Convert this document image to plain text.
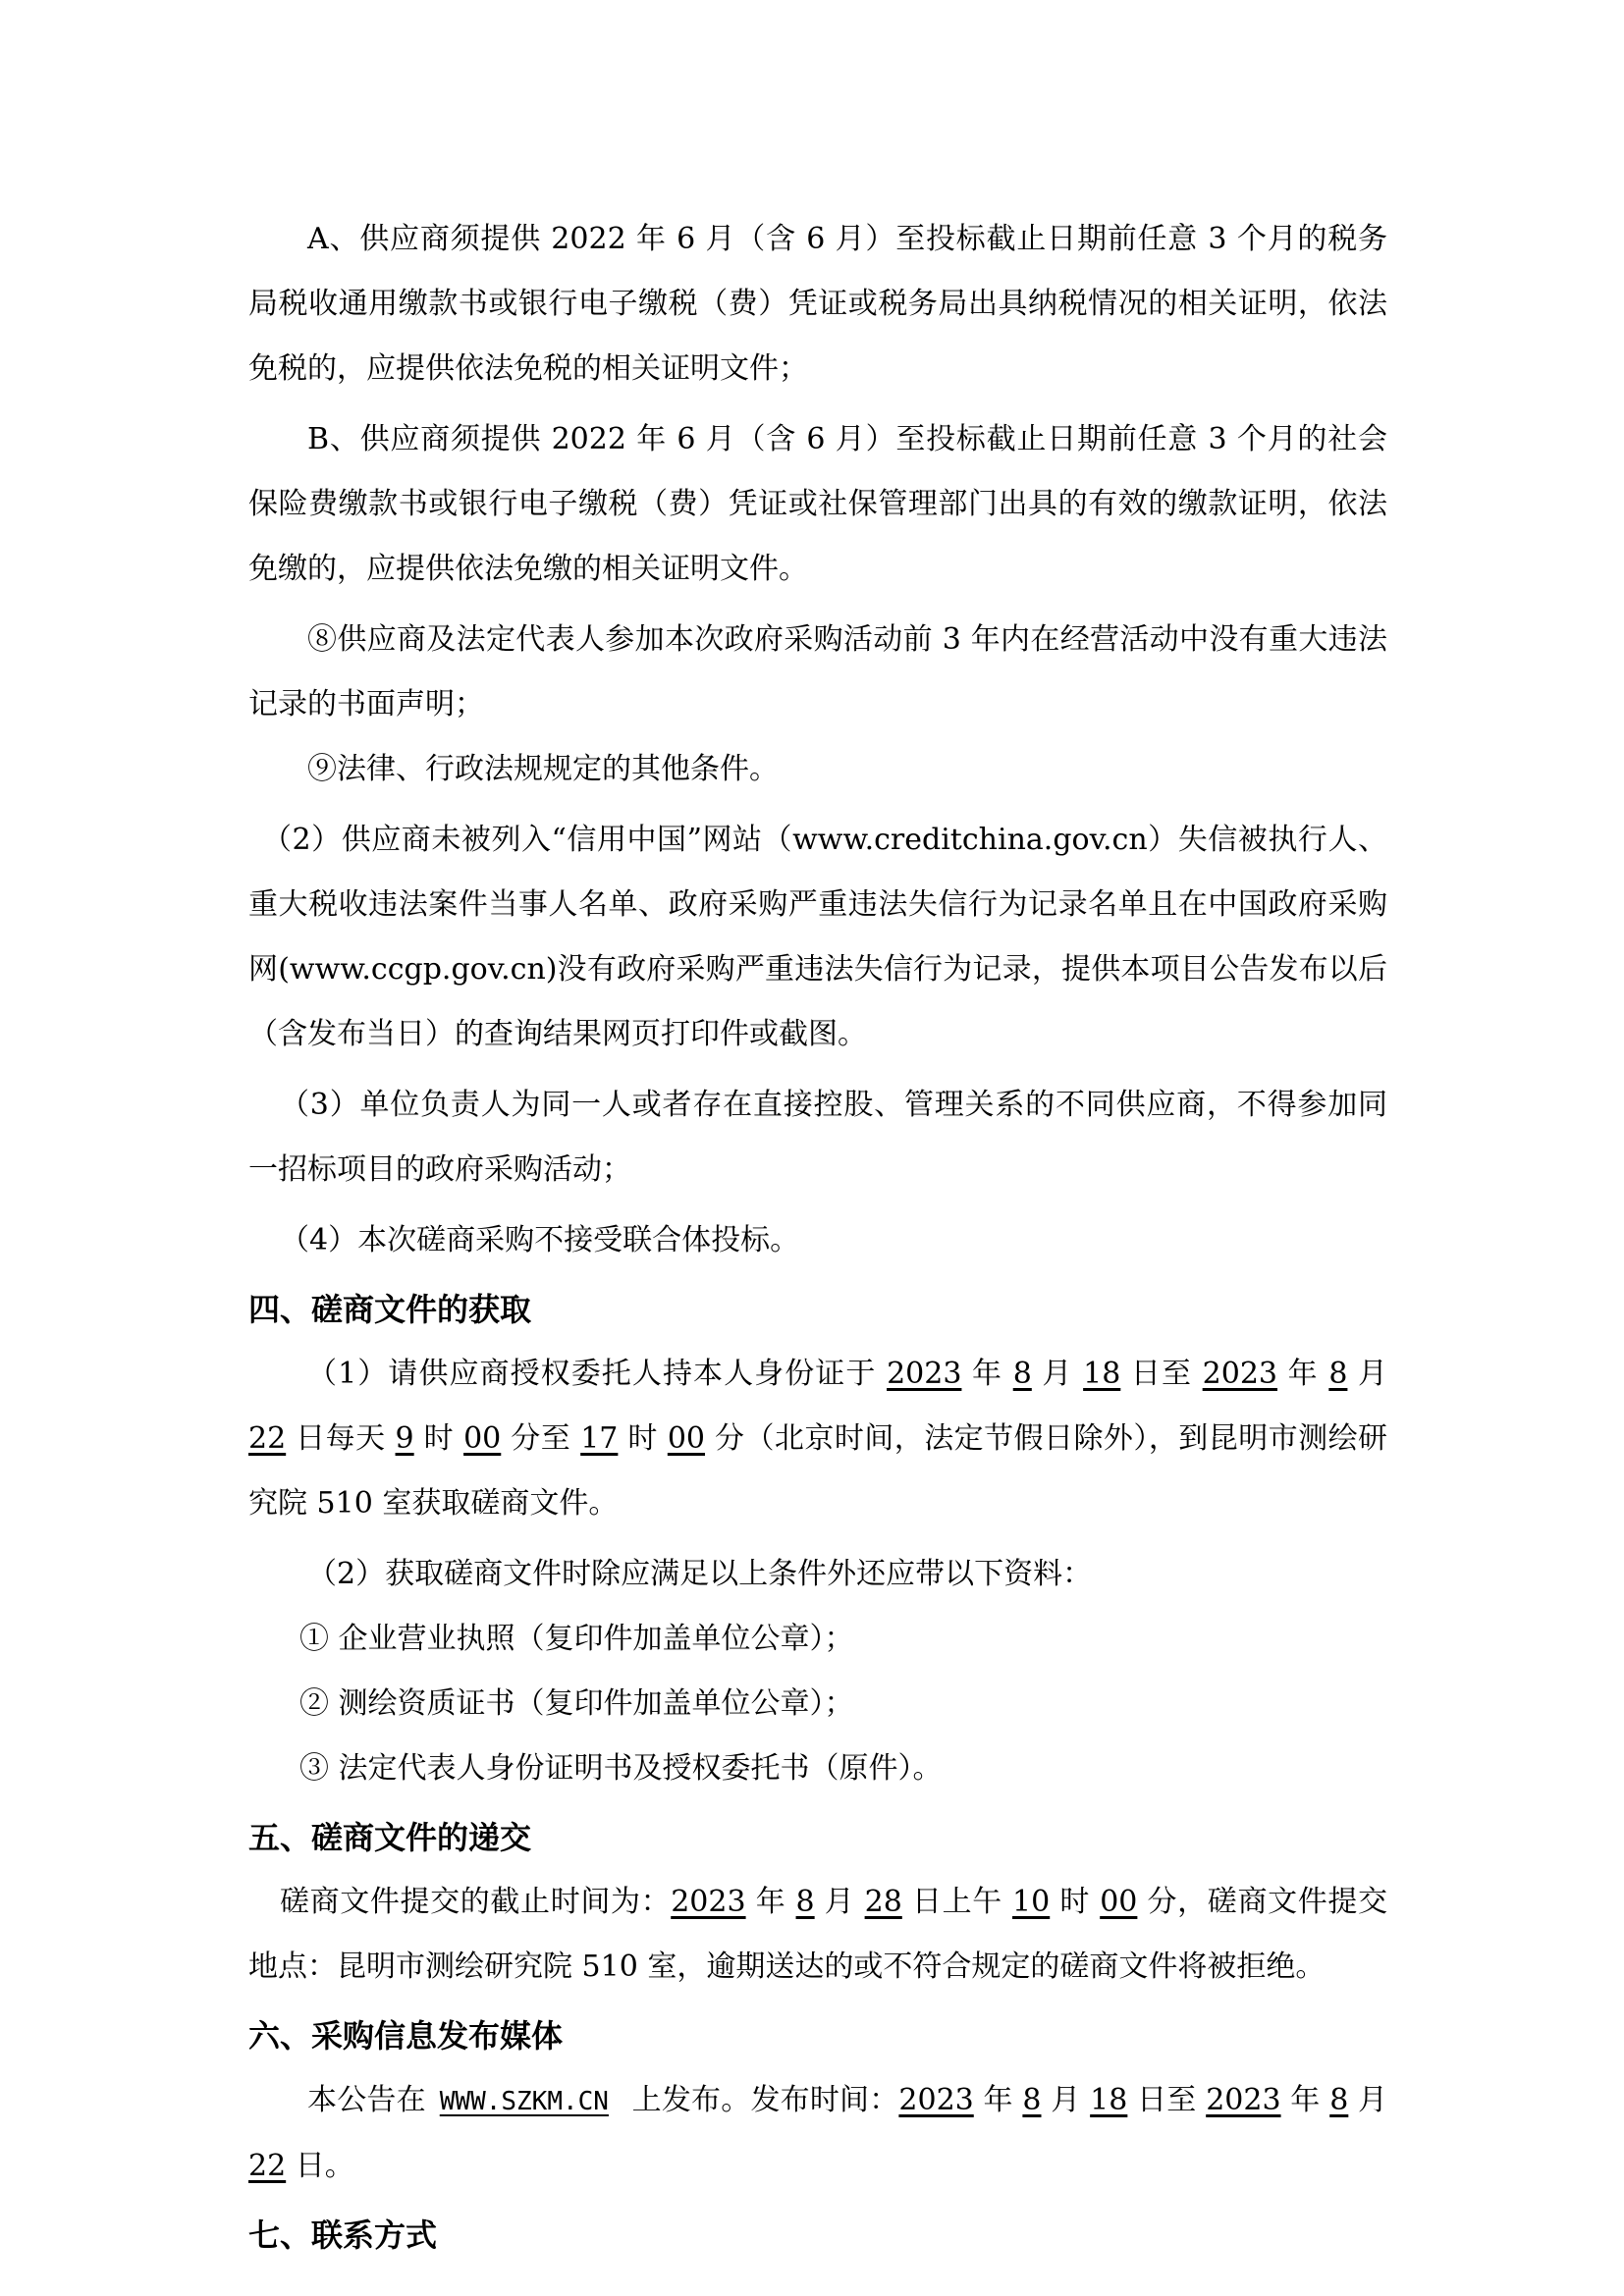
A、供应商须提供 2022 年 6 月（含 6 月）至投标截止日期前任意 3 个月的税务局税收通用缴款书或银行电子缴税（费）凭证或税务局出具纳税情况的相关证明，依法免税的，应提供依法免税的相关证明文件；

B、供应商须提供 2022 年 6 月（含 6 月）至投标截止日期前任意 3 个月的社会保险费缴款书或银行电子缴税（费）凭证或社保管理部门出具的有效的缴款证明，依法免缴的，应提供依法免缴的相关证明文件。

⑧供应商及法定代表人参加本次政府采购活动前 3 年内在经营活动中没有重大违法记录的书面声明；

⑨法律、行政法规规定的其他条件。

（2）供应商未被列入“信用中国”网站（www.creditchina.gov.cn）失信被执行人、重大税收违法案件当事人名单、政府采购严重违法失信行为记录名单且在中国政府采购网(www.ccgp.gov.cn)没有政府采购严重违法失信行为记录，提供本项目公告发布以后（含发布当日）的查询结果网页打印件或截图。

（3）单位负责人为同一人或者存在直接控股、管理关系的不同供应商，不得参加同一招标项目的政府采购活动；

（4）本次磋商采购不接受联合体投标。

四、磋商文件的获取

（1）请供应商授权委托人持本人身份证于 2023 年 8 月 18 日至 2023 年 8 月 22 日每天 9 时 00 分至 17 时 00 分（北京时间，法定节假日除外），到昆明市测绘研究院 510 室获取磋商文件。

（2）获取磋商文件时除应满足以上条件外还应带以下资料：

① 企业营业执照（复印件加盖单位公章）；

② 测绘资质证书（复印件加盖单位公章）；

③ 法定代表人身份证明书及授权委托书（原件）。

五、磋商文件的递交

磋商文件提交的截止时间为：2023 年 8 月 28 日上午 10 时 00 分，磋商文件提交地点：昆明市测绘研究院 510 室，逾期送达的或不符合规定的磋商文件将被拒绝。

六、采购信息发布媒体

本公告在 WWW.SZKM.CN 上发布。发布时间：2023 年 8 月 18 日至 2023 年 8 月 22 日。

七、联系方式
